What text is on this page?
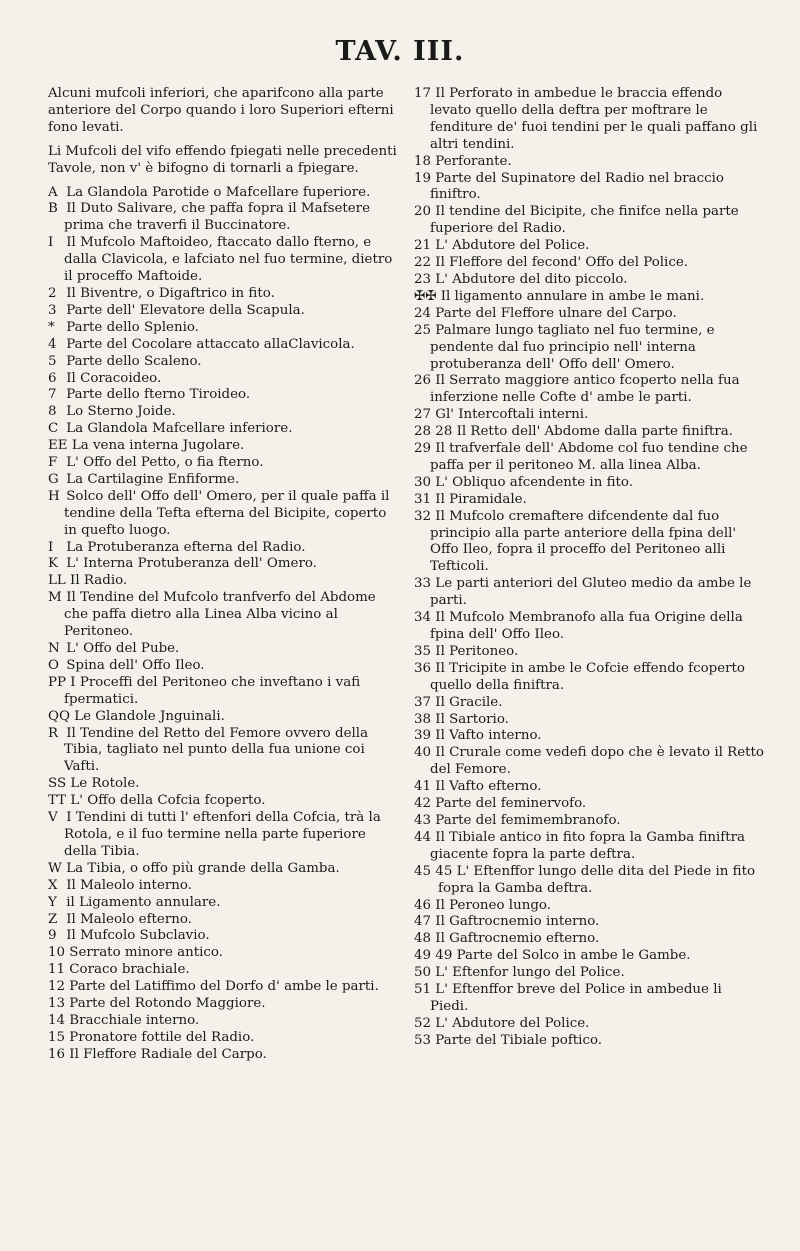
TAV. III.

Alcuni mufcoli inferiori, che aparifcono alla parte anteriore del Corpo quando i loro Superiori efterni fono levati.

Li Mufcoli del vifo effendo fpiegati nelle precedenti Tavole, non v' è bifogno di tornarli a fpiegare.

A La Glandola Parotide o Mafcellare fuperiore.

B Il Duto Salivare, che paffa fopra il Mafsetere prima che traverfi il Buccinatore.

I Il Mufcolo Maftoideo, ftaccato dallo fterno, e dalla Clavicola, e lafciato nel fuo termine, dietro il proceffo Maftoide.

2 Il Biventre, o Digaftrico in fito.

3 Parte dell' Elevatore della Scapula.

* Parte dello Splenio.

4 Parte del Cocolare attaccato allaClavicola.

5 Parte dello Scaleno.

6 Il Coracoideo.

7 Parte dello fterno Tiroideo.

8 Lo Sterno Joide.

C La Glandola Mafcellare inferiore.

EE La vena interna Jugolare.

F L' Offo del Petto, o fia fterno.

G La Cartilagine Enfiforme.

H Solco dell' Offo dell' Omero, per il quale paffa il tendine della Tefta efterna del Bicipite, coperto in quefto luogo.

I La Protuberanza efterna del Radio.

K L' Interna Protuberanza dell' Omero.

LL Il Radio.

M Il Tendine del Mufcolo tranfverfo del Abdome che paffa dietro alla Linea Alba vicino al Peritoneo.

N L' Offo del Pube.

O Spina dell' Offo Ileo.

PP I Proceffi del Peritoneo che inveftano i vafi fpermatici.

QQ Le Glandole Jnguinali.

R Il Tendine del Retto del Femore ovvero della Tibia, tagliato nel punto della fua unione coi Vafti.

SS Le Rotole.

TT L' Offo della Cofcia fcoperto.

V I Tendini di tutti l' eftenfori della Cofcia, trà la Rotola, e il fuo termine nella parte fuperiore della Tibia.

W La Tibia, o offo più grande della Gamba.

X Il Maleolo interno.

Y il Ligamento annulare.

Z Il Maleolo efterno.

9 Il Mufcolo Subclavio.

10 Serrato minore antico.

11 Coraco brachiale.

12 Parte del Latiffimo del Dorfo d' ambe le parti.

13 Parte del Rotondo Maggiore.

14 Bracchiale interno.

15 Pronatore fottile del Radio.

16 Il Fleffore Radiale del Carpo.

17 Il Perforato in ambedue le braccia effendo levato quello della deftra per moftrare le fenditure de' fuoi tendini per le quali paffano gli altri tendini.

18 Perforante.

19 Parte del Supinatore del Radio nel braccio finiftro.

20 Il tendine del Bicipite, che finifce nella parte fuperiore del Radio.

21 L' Abdutore del Police.

22 Il Fleffore del fecond' Offo del Police.

23 L' Abdutore del dito piccolo.

✠✠ Il ligamento annulare in ambe le mani.

24 Parte del Fleffore ulnare del Carpo.

25 Palmare lungo tagliato nel fuo termine, e pendente dal fuo principio nell' interna protuberanza dell' Offo dell' Omero.

26 Il Serrato maggiore antico fcoperto nella fua inferzione nelle Cofte d' ambe le parti.

27 Gl' Intercoftali interni.

28 28 Il Retto dell' Abdome dalla parte finiftra.

29 Il trafverfale dell' Abdome col fuo tendine che paffa per il peritoneo M. alla linea Alba.

30 L' Obliquo afcendente in fito.

31 Il Piramidale.

32 Il Mufcolo cremaftere difcendente dal fuo principio alla parte anteriore della fpina dell' Offo Ileo, fopra il proceffo del Peritoneo alli Tefticoli.

33 Le parti anteriori del Gluteo medio da ambe le parti.

34 Il Mufcolo Membranofo alla fua Origine della fpina dell' Offo Ileo.

35 Il Peritoneo.

36 Il Tricipite in ambe le Cofcie effendo fcoperto quello della finiftra.

37 Il Gracile.

38 Il Sartorio.

39 Il Vafto interno.

40 Il Crurale come vedefi dopo che è levato il Retto del Femore.

41 Il Vafto efterno.

42 Parte del feminervofo.

43 Parte del femimembranofo.

44 Il Tibiale antico in fito fopra la Gamba finiftra giacente fopra la parte deftra.

45 45 L' Eftenffor lungo delle dita del Piede in fito fopra la Gamba deftra.

46 Il Peroneo lungo.

47 Il Gaftrocnemio interno.

48 Il Gaftrocnemio efterno.

49 49 Parte del Solco in ambe le Gambe.

50 L' Eftenfor lungo del Police.

51 L' Eftenffor breve del Police in ambedue li Piedi.

52 L' Abdutore del Police.

53 Parte del Tibiale poftico.
